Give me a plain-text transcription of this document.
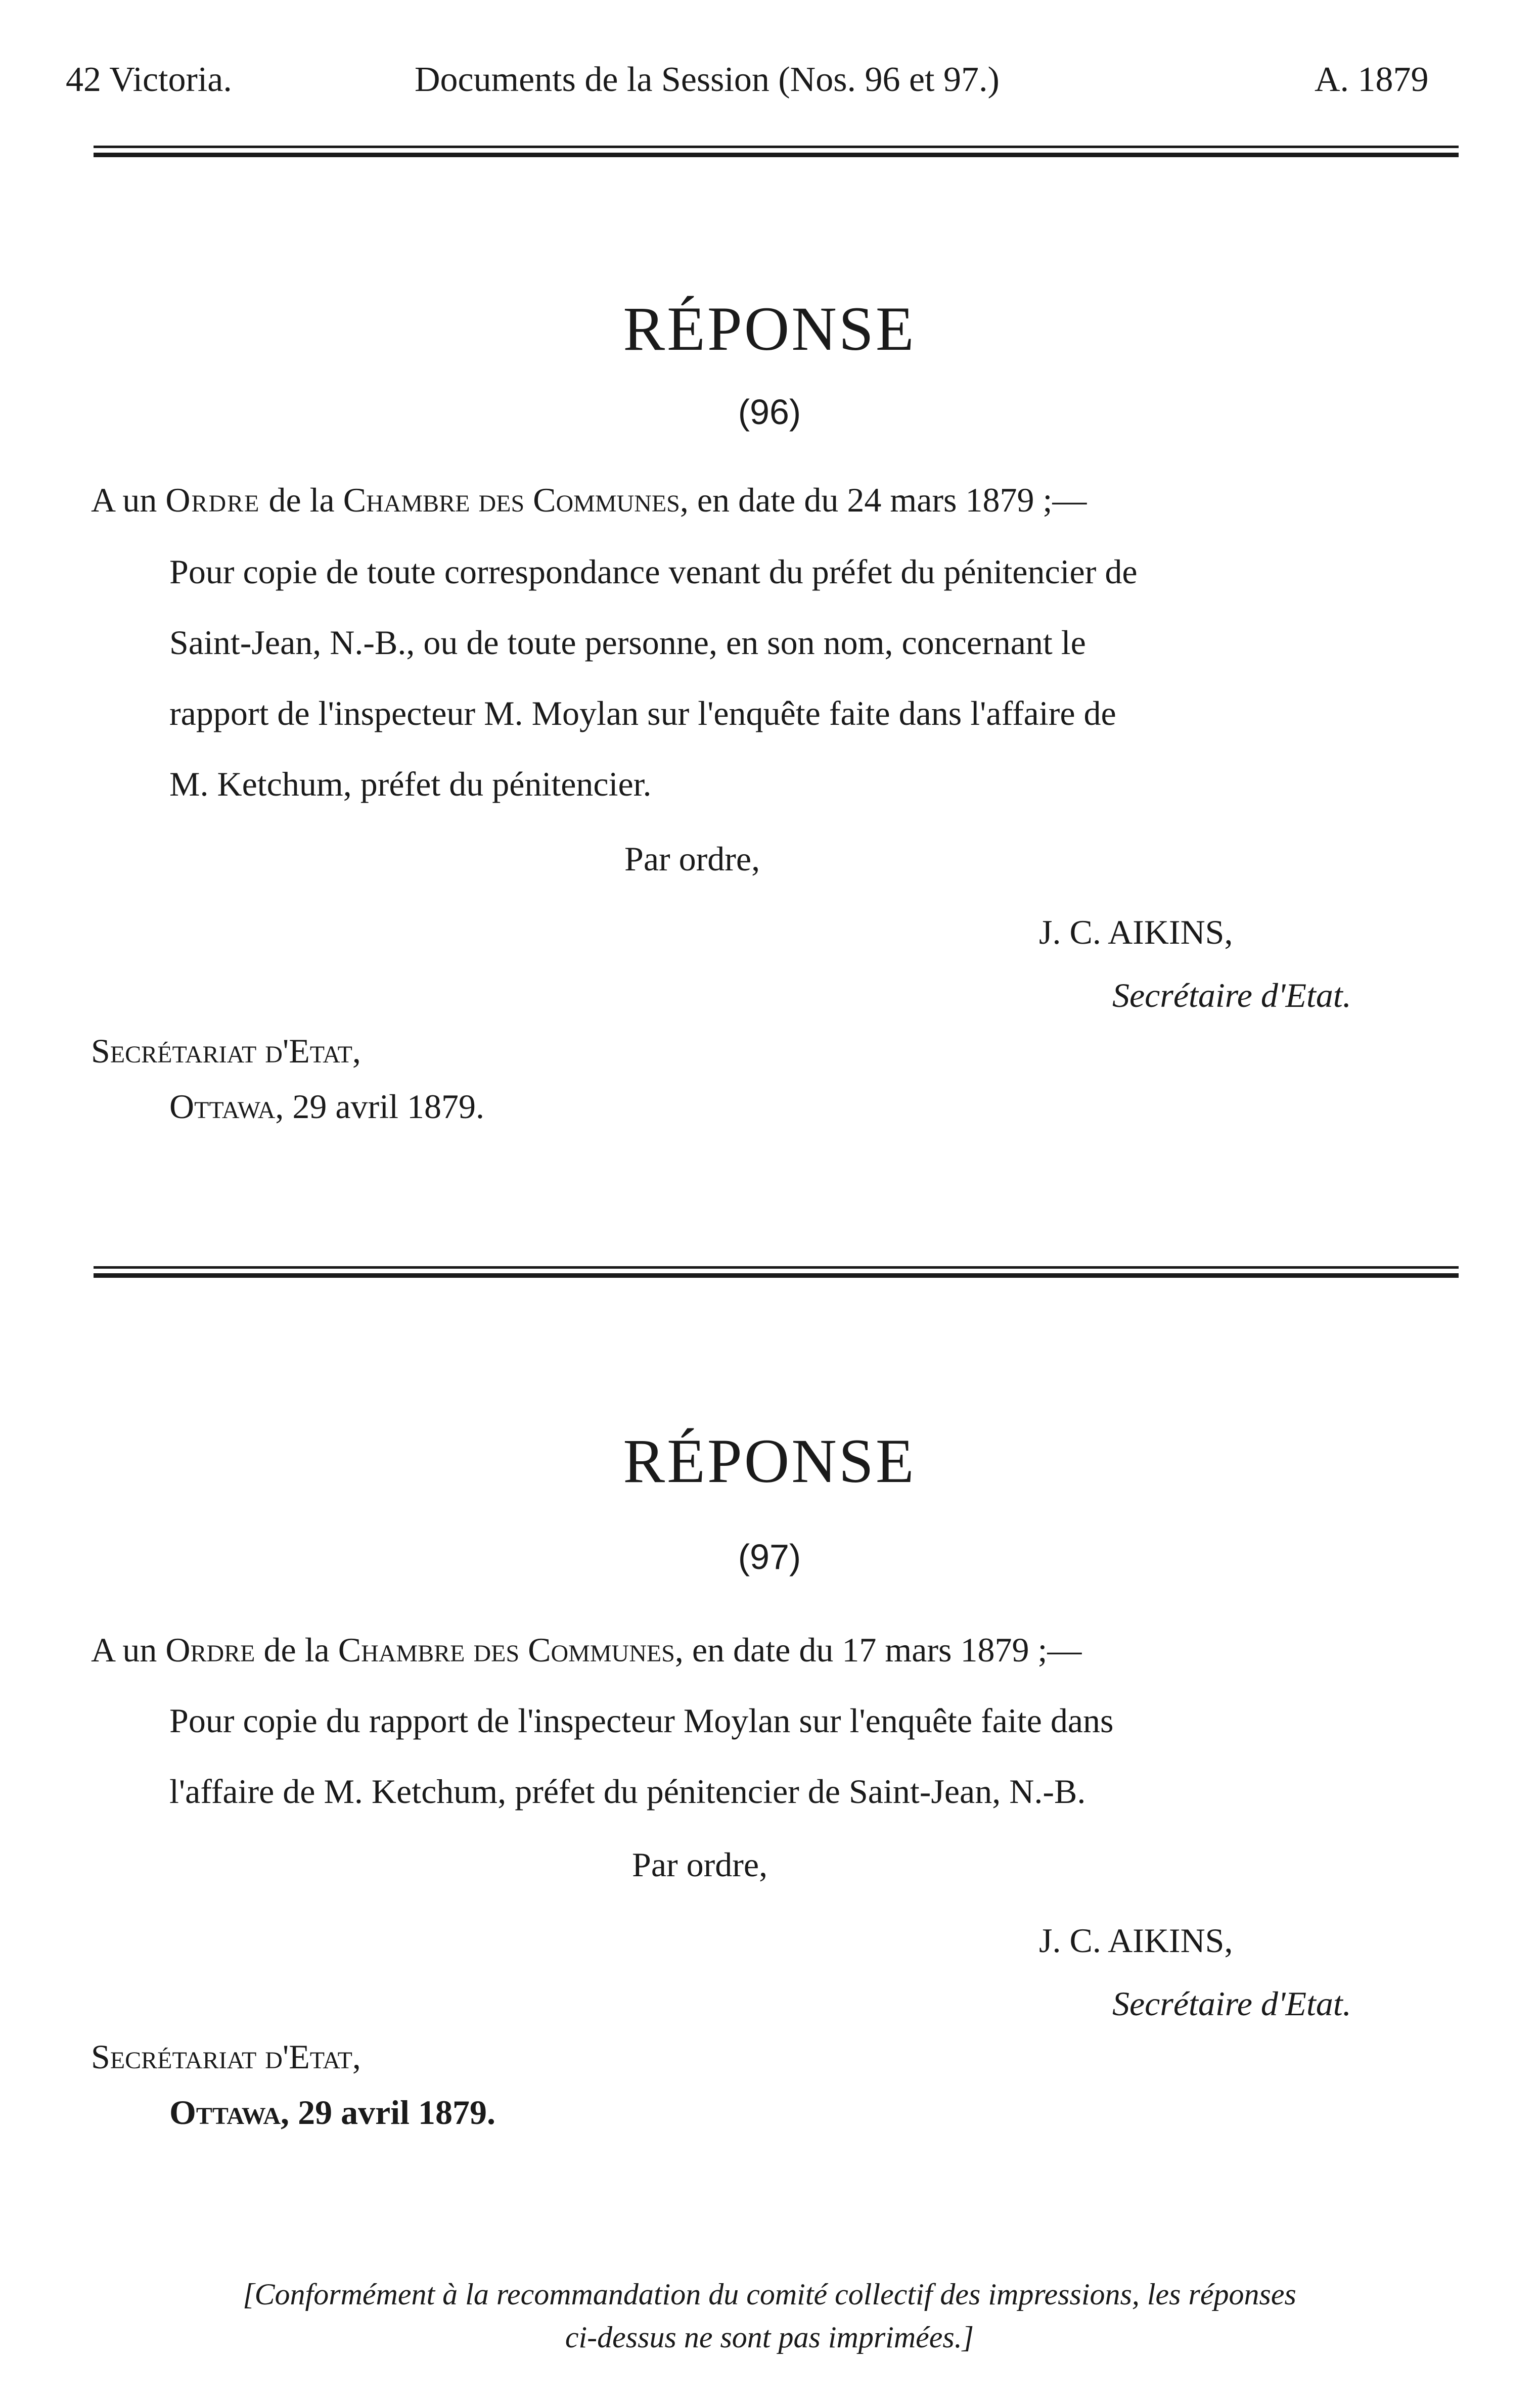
42 Victoria.	Documents de la Session (Nos. 96 et 97.)	A. 1879
RÉPONSE
(96)
A un Ordre de la Chambre des Communes, en date du 24 mars 1879 ;—
Pour copie de toute correspondance venant du préfet du pénitencier de
Saint-Jean, N.-B., ou de toute personne, en son nom, concernant le
rapport de l'inspecteur M. Moylan sur l'enquête faite dans l'affaire de
M. Ketchum, préfet du pénitencier.
Par ordre,
J. C. AIKINS,
Secrétaire d'Etat.
Secrétariat d'Etat,
Ottawa, 29 avril 1879.
RÉPONSE
(97)
A un Ordre de la Chambre des Communes, en date du 17 mars 1879 ;—
Pour copie du rapport de l'inspecteur Moylan sur l'enquête faite dans
l'affaire de M. Ketchum, préfet du pénitencier de Saint-Jean, N.-B.
Par ordre,
J. C. AIKINS,
Secrétaire d'Etat.
Secrétariat d'Etat,
Ottawa, 29 avril 1879.
[Conformément à la recommandation du comité collectif des impressions, les réponses
ci-dessus ne sont pas imprimées.]
